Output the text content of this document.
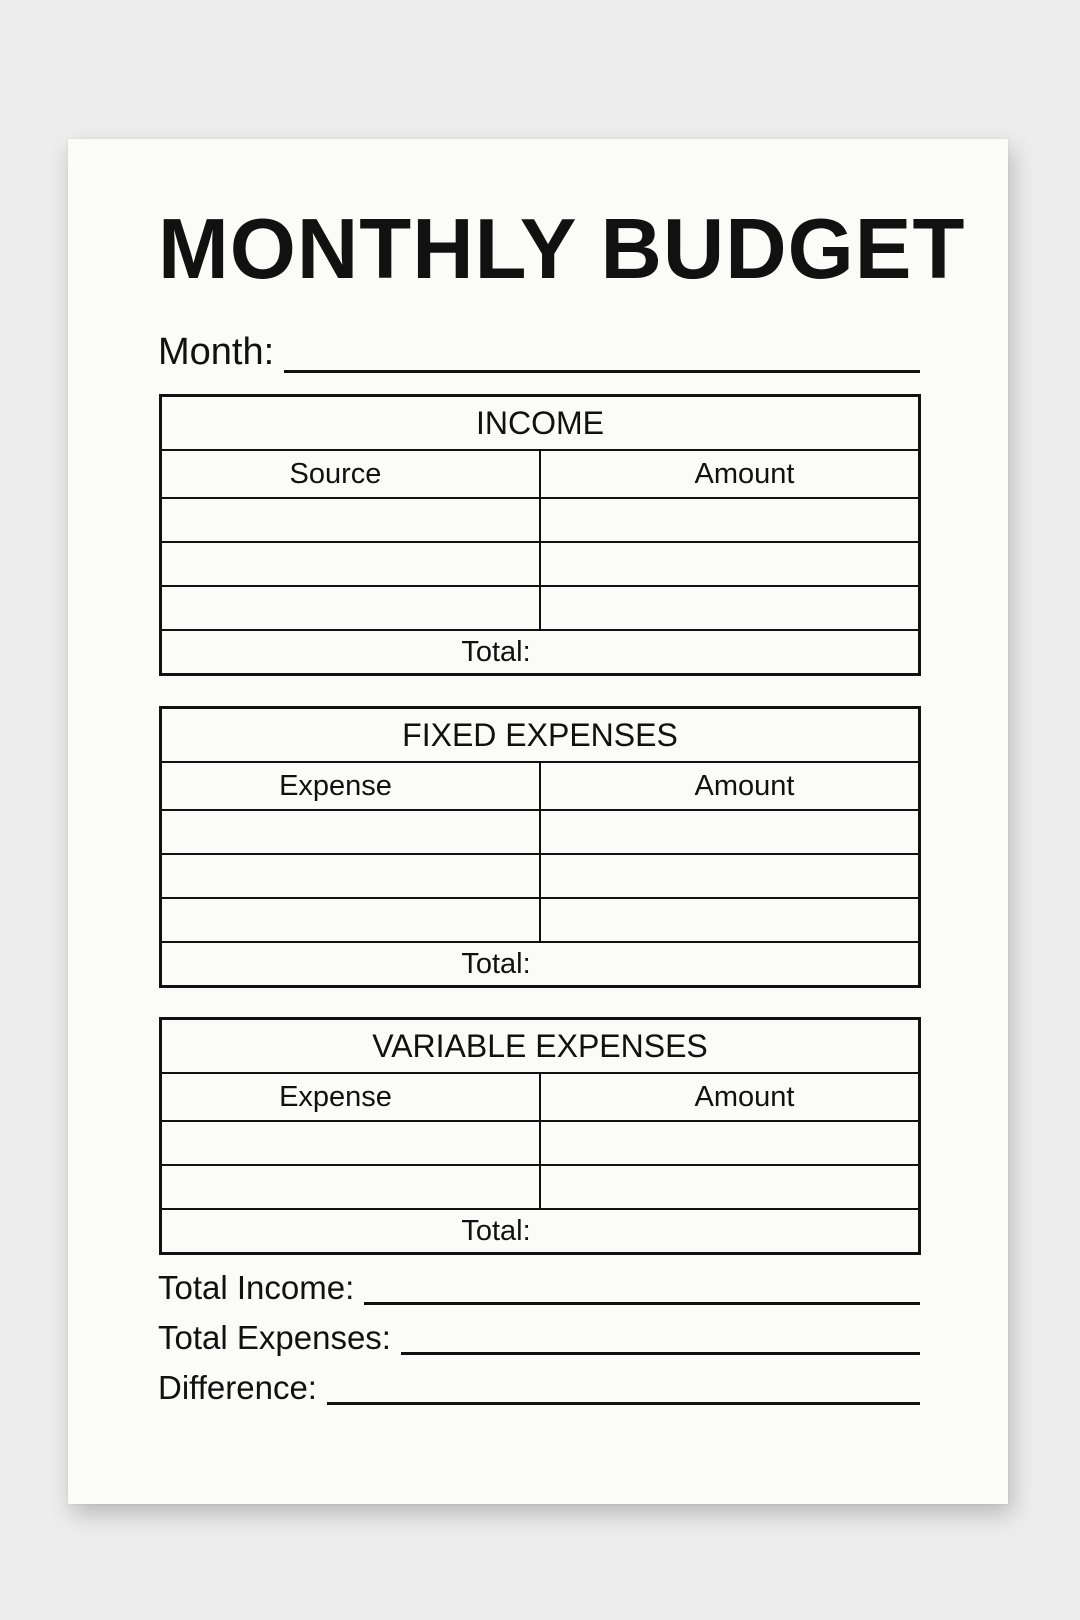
MONTHLY BUDGET
Month:
INCOME	
Source	Amount

Total:	
FIXED EXPENSES	
Expense	Amount

Total:	
VARIABLE EXPENSES	
Expense	Amount

Total:	
Total Income:
Total Expenses:
Difference:
